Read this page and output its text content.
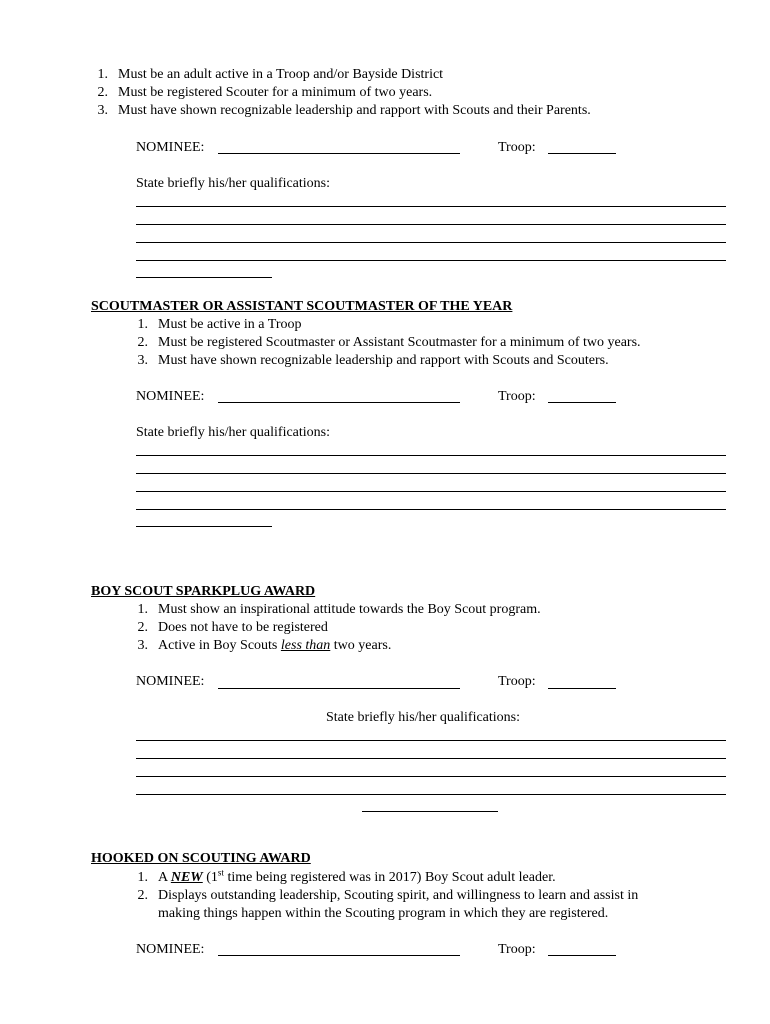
1. Must be an adult active in a Troop and/or Bayside District
2. Must be registered Scouter for a minimum of two years.
3. Must have shown recognizable leadership and rapport with Scouts and their Parents.
NOMINEE:	Troop:
State briefly his/her qualifications:
SCOUTMASTER OR ASSISTANT SCOUTMASTER OF THE YEAR
1. Must be active in a Troop
2. Must be registered Scoutmaster or Assistant Scoutmaster for a minimum of two years.
3. Must have shown recognizable leadership and rapport with Scouts and Scouters.
NOMINEE:	Troop:
State briefly his/her qualifications:
BOY SCOUT SPARKPLUG AWARD
1. Must show an inspirational attitude towards the Boy Scout program.
2. Does not have to be registered
3. Active in Boy Scouts less than two years.
NOMINEE:	Troop:
State briefly his/her qualifications:
HOOKED ON SCOUTING AWARD
1. A NEW (1st time being registered was in 2017) Boy Scout adult leader.
2. Displays outstanding leadership, Scouting spirit, and willingness to learn and assist in
making things happen within the Scouting program in which they are registered.
NOMINEE:	Troop:
